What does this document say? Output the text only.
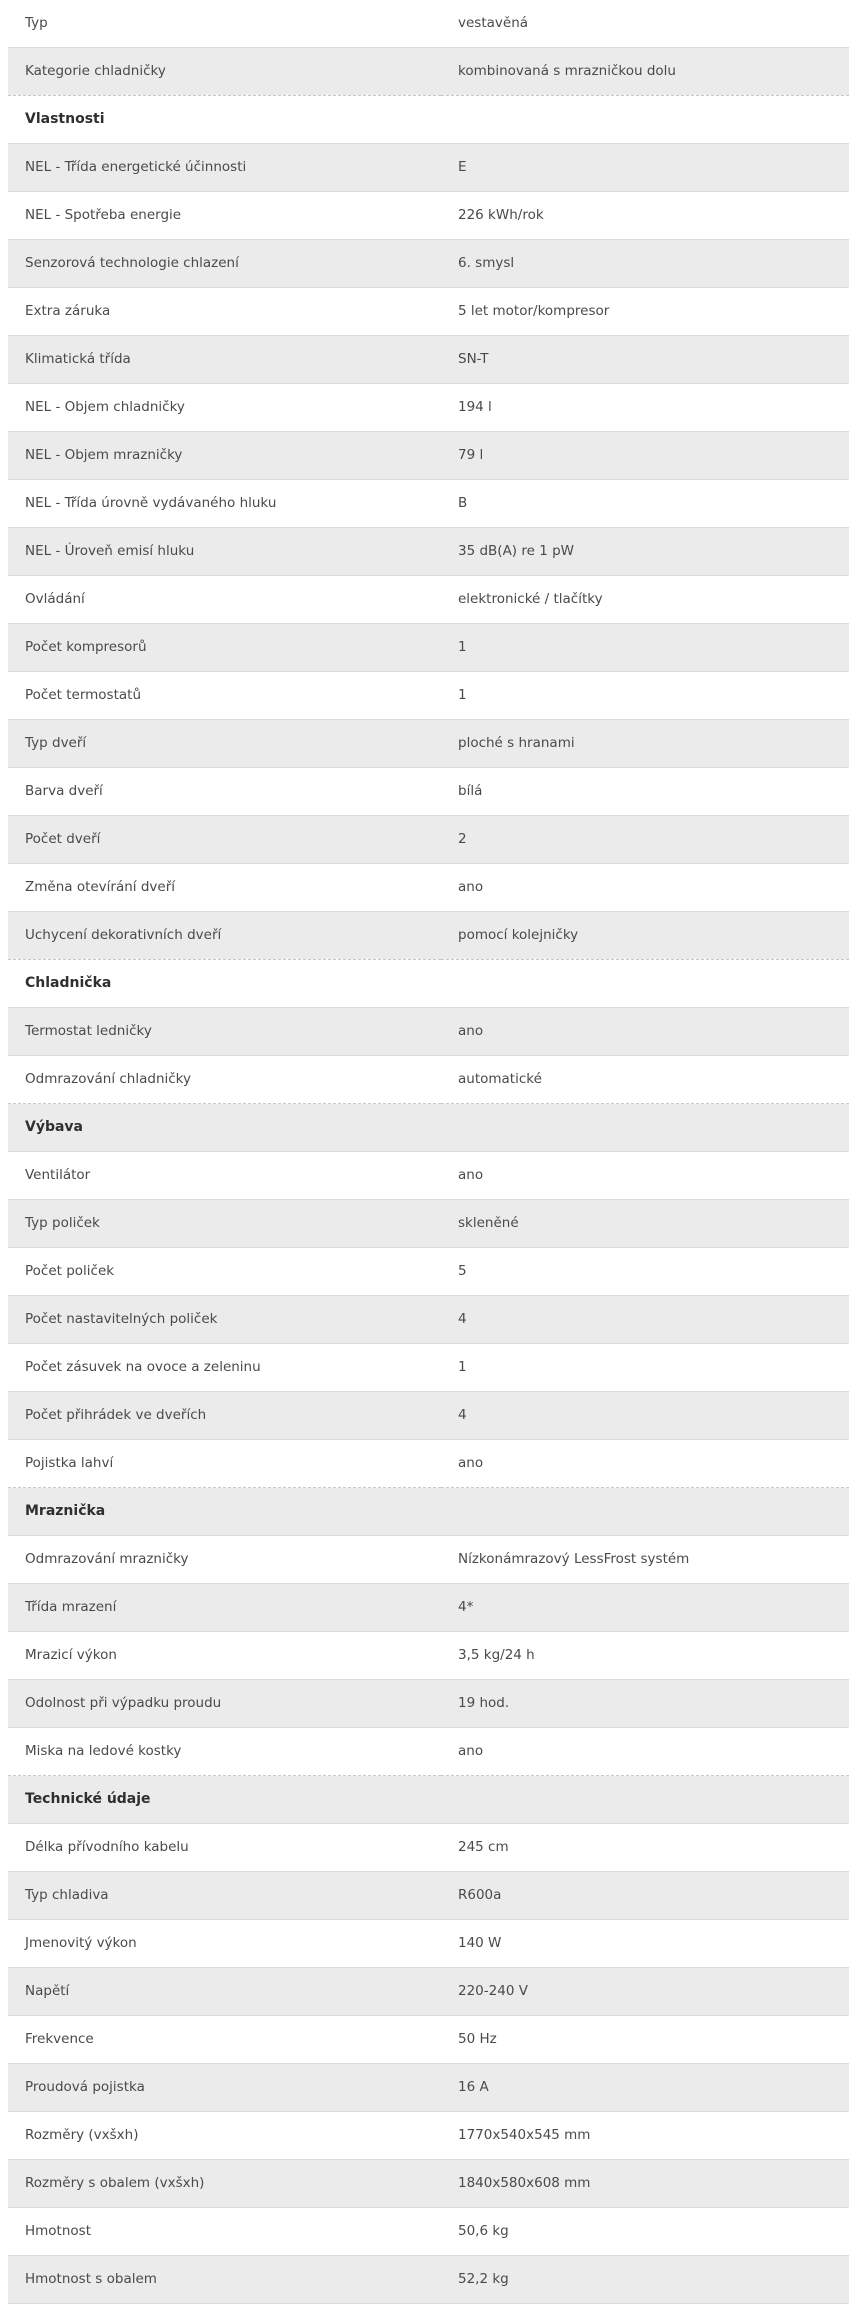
Typ	vestavěná
Kategorie chladničky	kombinovaná s mrazničkou dolu
Vlastnosti	
NEL - Třída energetické účinnosti	E
NEL - Spotřeba energie	226 kWh/rok
Senzorová technologie chlazení	6. smysl
Extra záruka	5 let motor/kompresor
Klimatická třída	SN-T
NEL - Objem chladničky	194 l
NEL - Objem mrazničky	79 l
NEL - Třída úrovně vydávaného hluku	B
NEL - Úroveň emisí hluku	35 dB(A) re 1 pW
Ovládání	elektronické / tlačítky
Počet kompresorů	1
Počet termostatů	1
Typ dveří	ploché s hranami
Barva dveří	bílá
Počet dveří	2
Změna otevírání dveří	ano
Uchycení dekorativních dveří	pomocí kolejničky
Chladnička	
Termostat ledničky	ano
Odmrazování chladničky	automatické
Výbava	
Ventilátor	ano
Typ poliček	skleněné
Počet poliček	5
Počet nastavitelných poliček	4
Počet zásuvek na ovoce a zeleninu	1
Počet přihrádek ve dveřích	4
Pojistka lahví	ano
Mraznička	
Odmrazování mrazničky	Nízkonámrazový LessFrost systém
Třída mrazení	4*
Mrazicí výkon	3,5 kg/24 h
Odolnost při výpadku proudu	19 hod.
Miska na ledové kostky	ano
Technické údaje	
Délka přívodního kabelu	245 cm
Typ chladiva	R600a
Jmenovitý výkon	140 W
Napětí	220-240 V
Frekvence	50 Hz
Proudová pojistka	16 A
Rozměry (vxšxh)	1770x540x545 mm
Rozměry s obalem (vxšxh)	1840x580x608 mm
Hmotnost	50,6 kg
Hmotnost s obalem	52,2 kg
